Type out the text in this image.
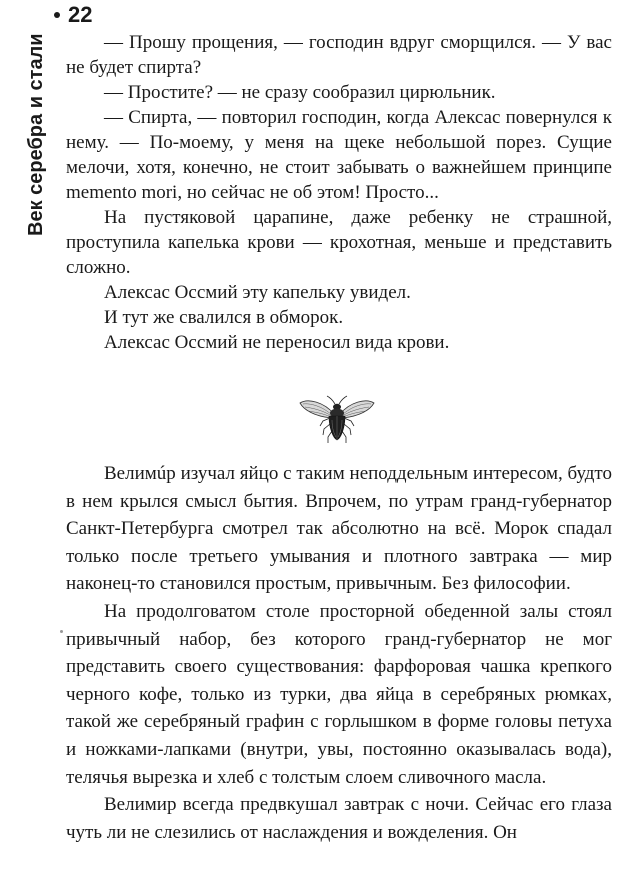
22
Век серебра и стали	— Прошу прощения, — господин вдруг сморщился. — У вас не будет спирта?

— Простите? — не сразу сообразил цирюльник.

— Спирта, — повторил господин, когда Алексас повернулся к нему. — По-моему, у меня на щеке небольшой порез. Сущие мелочи, хотя, конечно, не стоит забывать о важнейшем принципе memento mori, но сейчас не об этом! Просто...

На пустяковой царапине, даже ребенку не страшной, проступила капелька крови — крохотная, меньше и представить сложно.

Алексас Оссмий эту капельку увидел.

И тут же свалился в обморок.

Алексас Оссмий не переносил вида крови.

Велимúр изучал яйцо с таким неподдельным интересом, будто в нем крылся смысл бытия. Впрочем, по утрам гранд-губернатор Санкт-Петербурга смотрел так абсолютно на всё. Морок спадал только после третьего умывания и плотного завтрака — мир наконец-то становился простым, привычным. Без философии.

На продолговатом столе просторной обеденной залы стоял привычный набор, без которого гранд-губернатор не мог представить своего существования: фарфоровая чашка крепкого черного кофе, только из турки, два яйца в серебряных рюмках, такой же серебряный графин с горлышком в форме головы петуха и ножками-лапками (внутри, увы, постоянно оказывалась вода), телячья вырезка и хлеб с толстым слоем сливочного масла.

Велимир всегда предвкушал завтрак с ночи. Сейчас его глаза чуть ли не слезились от наслаждения и вожделения. Он
